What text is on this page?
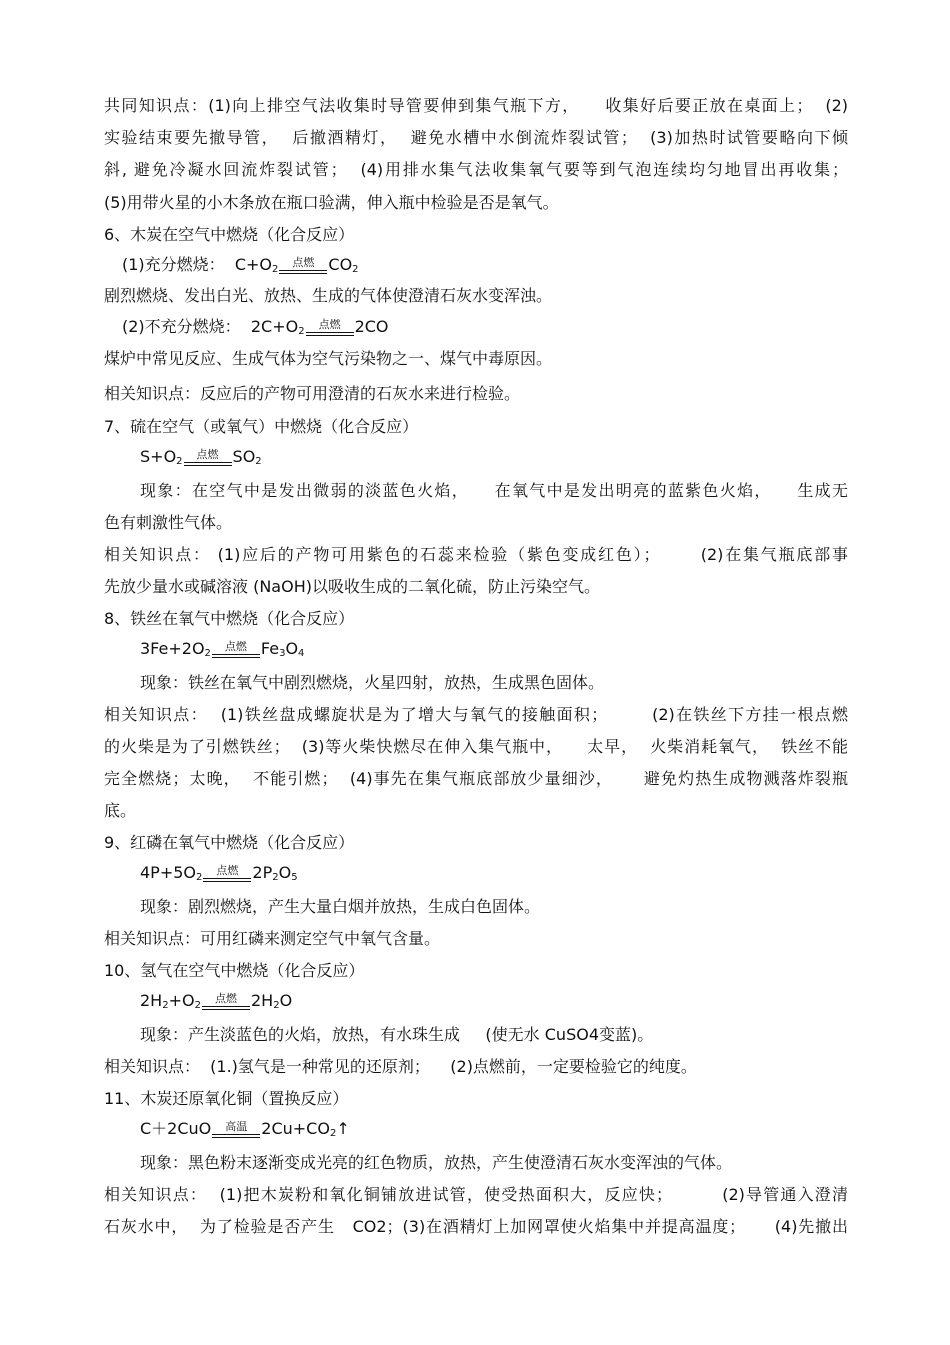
共同知识点：(1)向上排空气法收集时导管要伸到集气瓶下方，    收集好后要正放在桌面上；  (2)
实验结束要先撤导管，  后撤酒精灯，  避免水槽中水倒流炸裂试管；  (3)加热时试管要略向下倾
斜, 避免冷凝水回流炸裂试管；  (4)用排水集气法收集氧气要等到气泡连续均匀地冒出再收集；
(5)用带火星的小木条放在瓶口验满，伸入瓶中检验是否是氧气。
6、木炭在空气中燃烧（化合反应）
(1)充分燃烧： $C+O_2$
点燃 $CO_2$
剧烈燃烧、发出白光、放热、生成的气体使澄清石灰水变浑浊。
(2)不充分燃烧： $2C+O_2$
点燃 2CO
煤炉中常见反应、生成气体为空气污染物之一、煤气中毒原因。
相关知识点：反应后的产物可用澄清的石灰水来进行检验。
7、硫在空气（或氧气）中燃烧（化合反应）
$S+O_2$
点燃 $SO_2$
现象：在空气中是发出微弱的淡蓝色火焰，    在氧气中是发出明亮的蓝紫色火焰，    生成无
色有刺激性气体。
相关知识点： (1)应后的产物可用紫色的石蕊来检验（紫色变成红色）；      (2)在集气瓶底部事
先放少量水或碱溶液 (NaOH)以吸收生成的二氧化硫，防止污染空气。
8、铁丝在氧气中燃烧（化合反应）
$3Fe+2O_2$
点燃 $Fe_3O_4$
现象：铁丝在氧气中剧烈燃烧，火星四射，放热，生成黑色固体。
相关知识点：  (1)铁丝盘成螺旋状是为了增大与氧气的接触面积；       (2)在铁丝下方挂一根点燃
的火柴是为了引燃铁丝；  (3)等火柴快燃尽在伸入集气瓶中，    太早，  火柴消耗氧气，  铁丝不能
完全燃烧；太晚，  不能引燃；  (4)事先在集气瓶底部放少量细沙，     避免灼热生成物溅落炸裂瓶
底。
9、红磷在氧气中燃烧（化合反应）
$4P+5O_2$
点燃 $2P_2O_5$
现象：剧烈燃烧，产生大量白烟并放热，生成白色固体。
相关知识点：可用红磷来测定空气中氧气含量。
10、氢气在空气中燃烧（化合反应）
$2H_2+O_2$
点燃 $2H_2O$
现象：产生淡蓝色的火焰，放热，有水珠生成     (使无水 CuSO4变蓝)。
相关知识点：  (1.)氢气是一种常见的还原剂；    (2)点燃前，一定要检验它的纯度。
11、木炭还原氧化铜（置换反应）
C＋2CuO	高温 $2Cu+CO_2↑$
现象：黑色粉末逐渐变成光亮的红色物质，放热，产生使澄清石灰水变浑浊的气体。
相关知识点：  (1)把木炭粉和氧化铜铺放进试管，使受热面积大，反应快；        (2)导管通入澄清
石灰水中，  为了检验是否产生   CO2；(3)在酒精灯上加网罩使火焰集中并提高温度；     (4)先撤出
